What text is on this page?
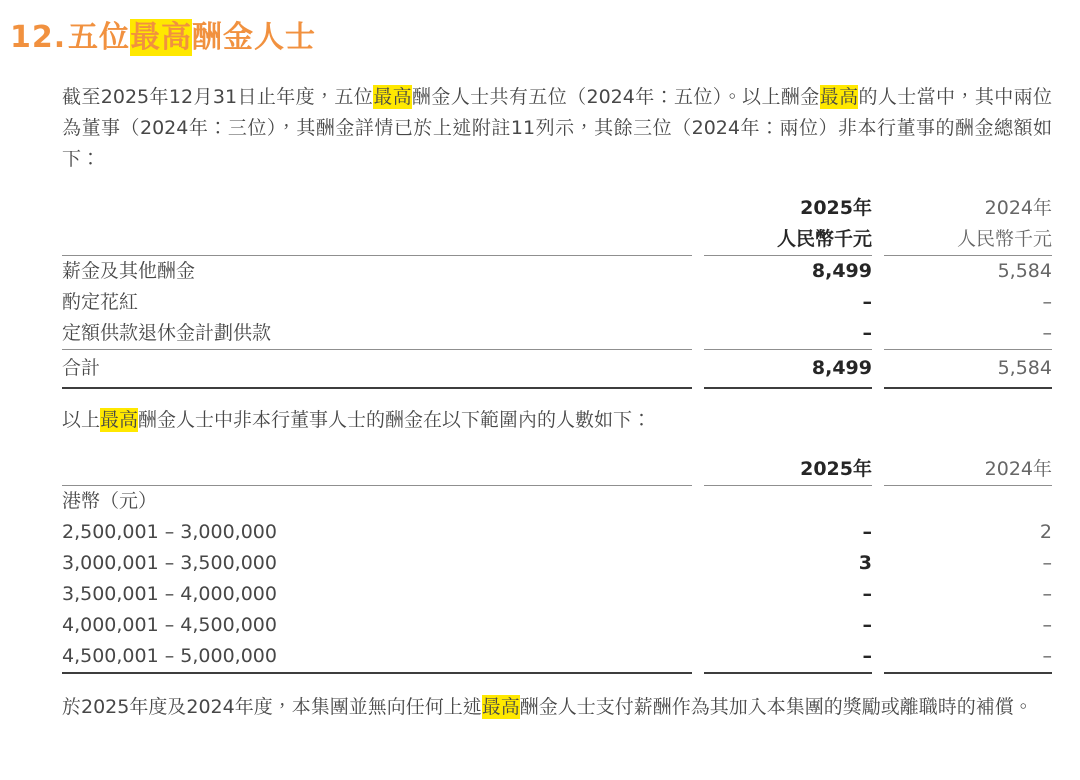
12. 五位最高酬金人士

截至2025年12月31日止年度，五位最高酬金人士共有五位（2024年：五位）。以上酬金最高的人士當中，其中兩位為董事（2024年：三位），其酬金詳情已於上述附註11列示，其餘三位（2024年：兩位）非本行董事的酬金總額如下：

	2025年	2024年
	人民幣千元	人民幣千元
薪金及其他酬金	8,499	5,584
酌定花紅	–	–
定額供款退休金計劃供款	–	–
合計	8,499	5,584

以上最高酬金人士中非本行董事人士的酬金在以下範圍內的人數如下：

	2025年	2024年
港幣（元）		
2,500,001 – 3,000,000	–	2
3,000,001 – 3,500,000	3	–
3,500,001 – 4,000,000	–	–
4,000,001 – 4,500,000	–	–
4,500,001 – 5,000,000	–	–

於2025年度及2024年度，本集團並無向任何上述最高酬金人士支付薪酬作為其加入本集團的獎勵或離職時的補償。
